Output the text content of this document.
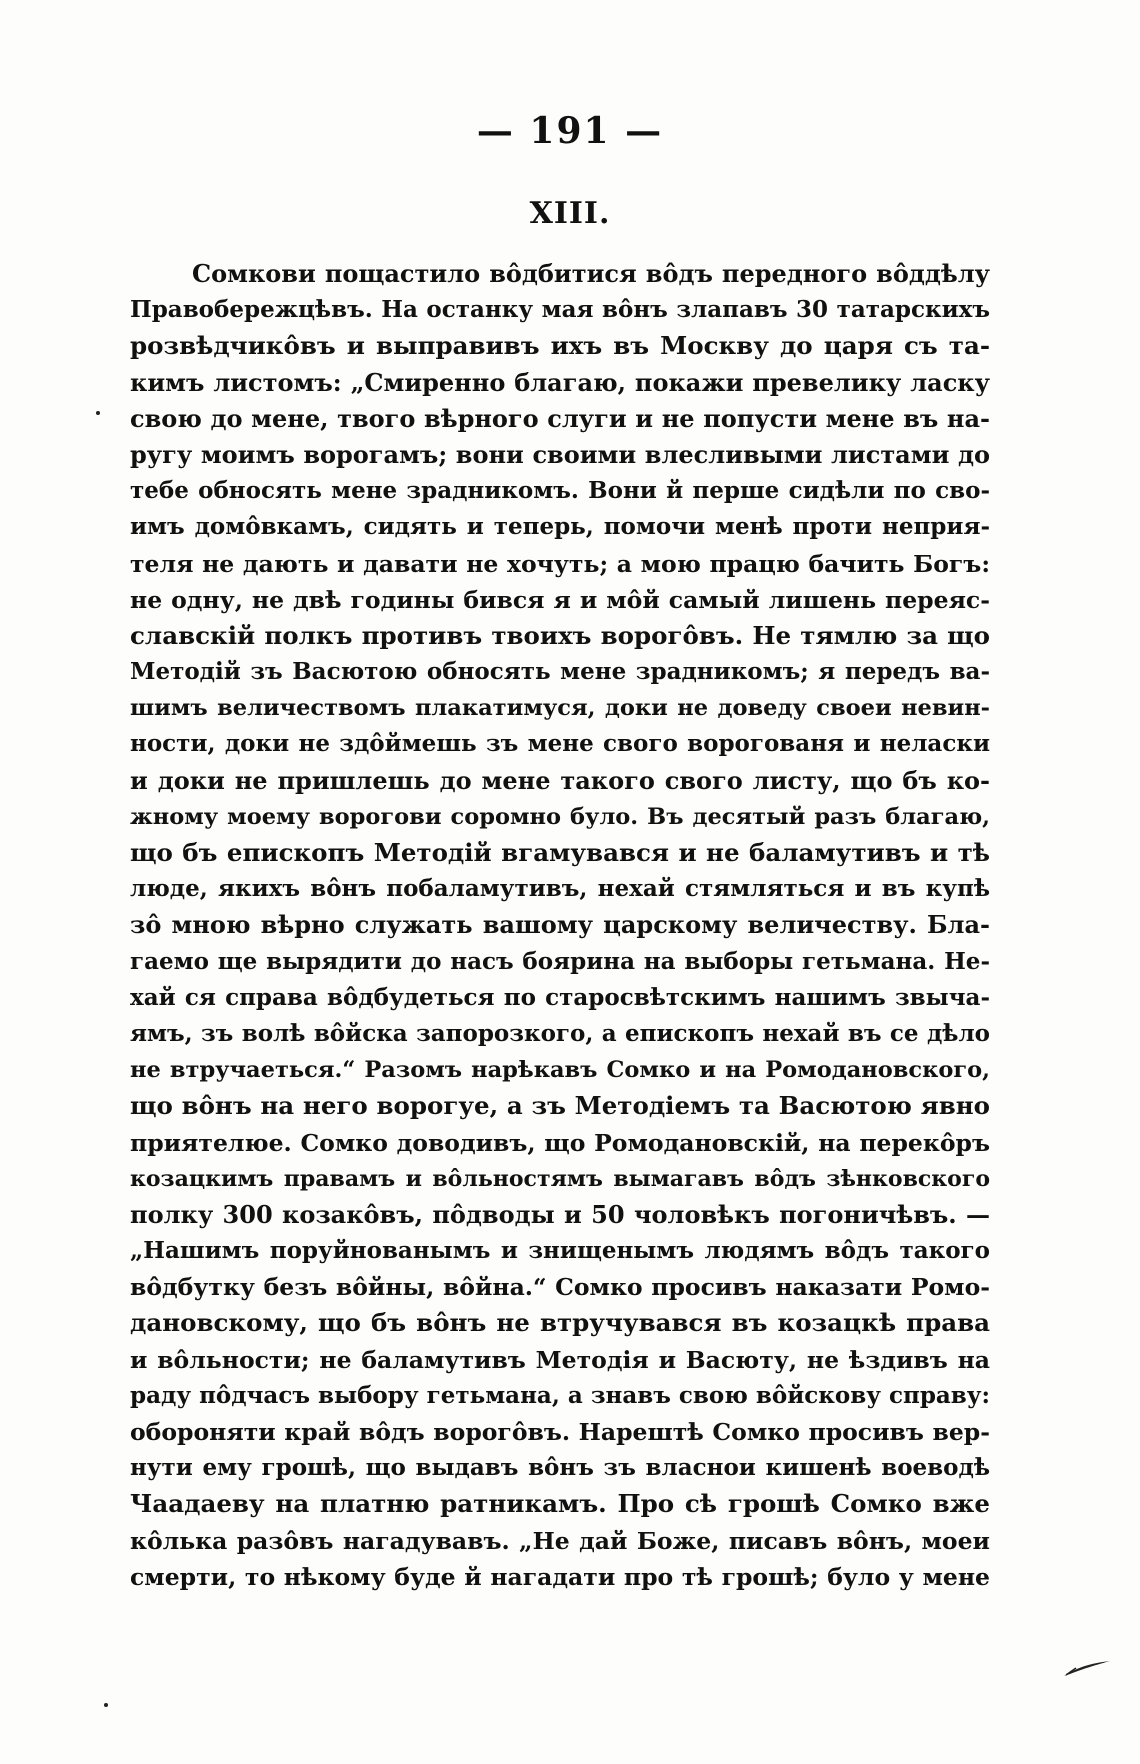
— 191 —
XIII.
Сомкови пощастило вôдбитися вôдъ передного вôддѣлу
Правобережцѣвъ. На останку мая вôнъ злапавъ 30 татарскихъ
розвѣдчикôвъ и выправивъ ихъ въ Москву до царя съ та-
кимъ листомъ: „Смиренно благаю, покажи превелику ласку
свою до мене, твого вѣрного слуги и не попусти мене въ на-
ругу моимъ ворогамъ; вони своими влесливыми листами до
тебе обносять мене зрадникомъ. Вони й перше сидѣли по сво-
имъ домôвкамъ, сидять и теперь, помочи менѣ проти неприя-
теля не дають и давати не хочуть; а мою працю бачить Богъ:
не одну, не двѣ годины бився я и мôй самый лишень переяс-
славскій полкъ противъ твоихъ ворогôвъ. Не тямлю за що
Методій зъ Васютою обносять мене зрадникомъ; я передъ ва-
шимъ величествомъ плакатимуся, доки не доведу своеи невин-
ности, доки не здôймешь зъ мене свого ворогованя и неласки
и доки не пришлешь до мене такого свого листу, що бъ ко-
жному моему ворогови соромно було. Въ десятый разъ благаю,
що бъ епископъ Методій вгамувався и не баламутивъ и тѣ
люде, якихъ вôнъ побаламутивъ, нехай стямляться и въ купѣ
зô мною вѣрно служать вашому царскому величеству. Бла-
гаемо ще вырядити до насъ боярина на выборы гетьмана. Не-
хай ся справа вôдбудеться по старосвѣтскимъ нашимъ звыча-
ямъ, зъ волѣ вôйска запорозкого, а епископъ нехай въ се дѣло
не втручаеться.“ Разомъ нарѣкавъ Сомко и на Ромодановского,
що вôнъ на него ворогуе, а зъ Методіемъ та Васютою явно
приятелюе. Сомко доводивъ, що Ромодановскій, на перекôръ
козацкимъ правамъ и вôльностямъ вымагавъ вôдъ зѣнковского
полку 300 козакôвъ, пôдводы и 50 чоловѣкъ погоничѣвъ. —
„Нашимъ поруйнованымъ и знищенымъ людямъ вôдъ такого
вôдбутку безъ вôйны, вôйна.“ Сомко просивъ наказати Ромо-
дановскому, що бъ вôнъ не втручувався въ козацкѣ права
и вôльности; не баламутивъ Методія и Васюту, не ѣздивъ на
раду пôдчасъ выбору гетьмана, а знавъ свою вôйскову справу:
обороняти край вôдъ ворогôвъ. Нарештѣ Сомко просивъ вер-
нути ему грошѣ, що выдавъ вôнъ зъ власнои кишенѣ воеводѣ
Чаадаеву на платню ратникамъ. Про сѣ грошѣ Сомко вже
кôлька разôвъ нагадувавъ. „Не дай Боже, писавъ вôнъ, моеи
смерти, то нѣкому буде й нагадати про тѣ грошѣ; було у мене
